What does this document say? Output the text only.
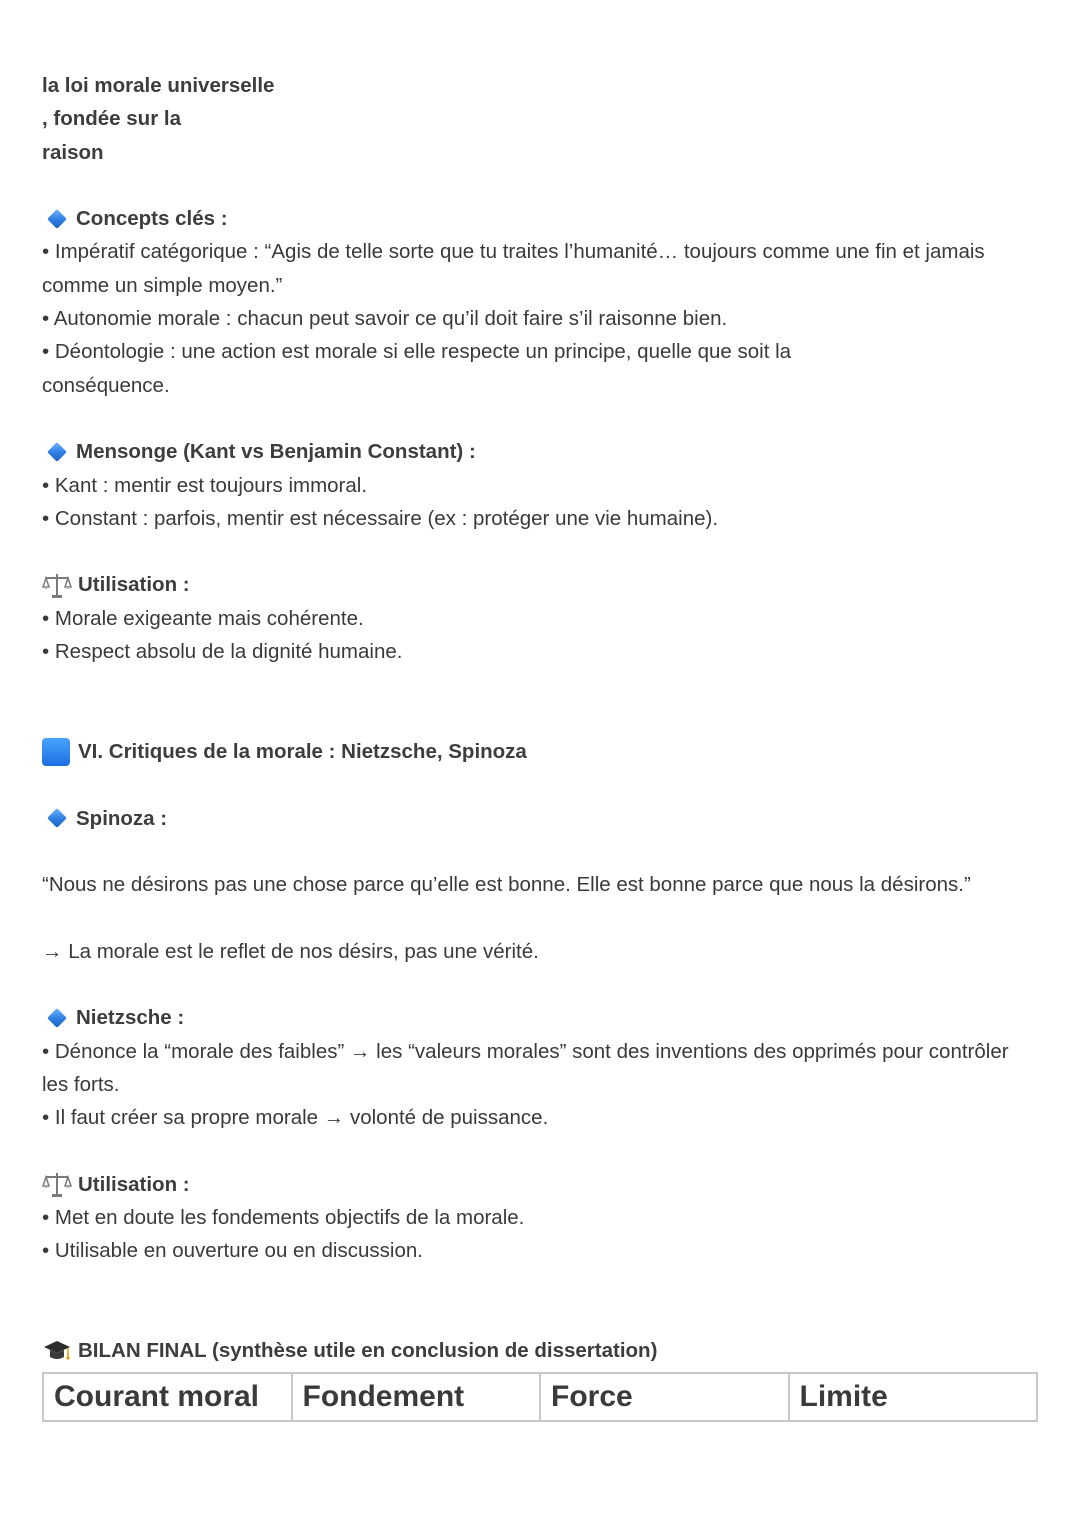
la loi morale universelle
, fondée sur la
raison
Concepts clés :
• Impératif catégorique : “Agis de telle sorte que tu traites l’humanité… toujours comme une fin et jamais comme un simple moyen.”
• Autonomie morale : chacun peut savoir ce qu’il doit faire s’il raisonne bien.
• Déontologie : une action est morale si elle respecte un principe, quelle que soit la conséquence.
Mensonge (Kant vs Benjamin Constant) :
• Kant : mentir est toujours immoral.
• Constant : parfois, mentir est nécessaire (ex : protéger une vie humaine).
Utilisation :
• Morale exigeante mais cohérente.
• Respect absolu de la dignité humaine.
VI. Critiques de la morale : Nietzsche, Spinoza
Spinoza :
“Nous ne désirons pas une chose parce qu’elle est bonne. Elle est bonne parce que nous la désirons.”
→ La morale est le reflet de nos désirs, pas une vérité.
Nietzsche :
• Dénonce la “morale des faibles” → les “valeurs morales” sont des inventions des opprimés pour contrôler les forts.
• Il faut créer sa propre morale → volonté de puissance.
Utilisation :
• Met en doute les fondements objectifs de la morale.
• Utilisable en ouverture ou en discussion.
BILAN FINAL (synthèse utile en conclusion de dissertation)
Courant moral	Fondement	Force	Limite
